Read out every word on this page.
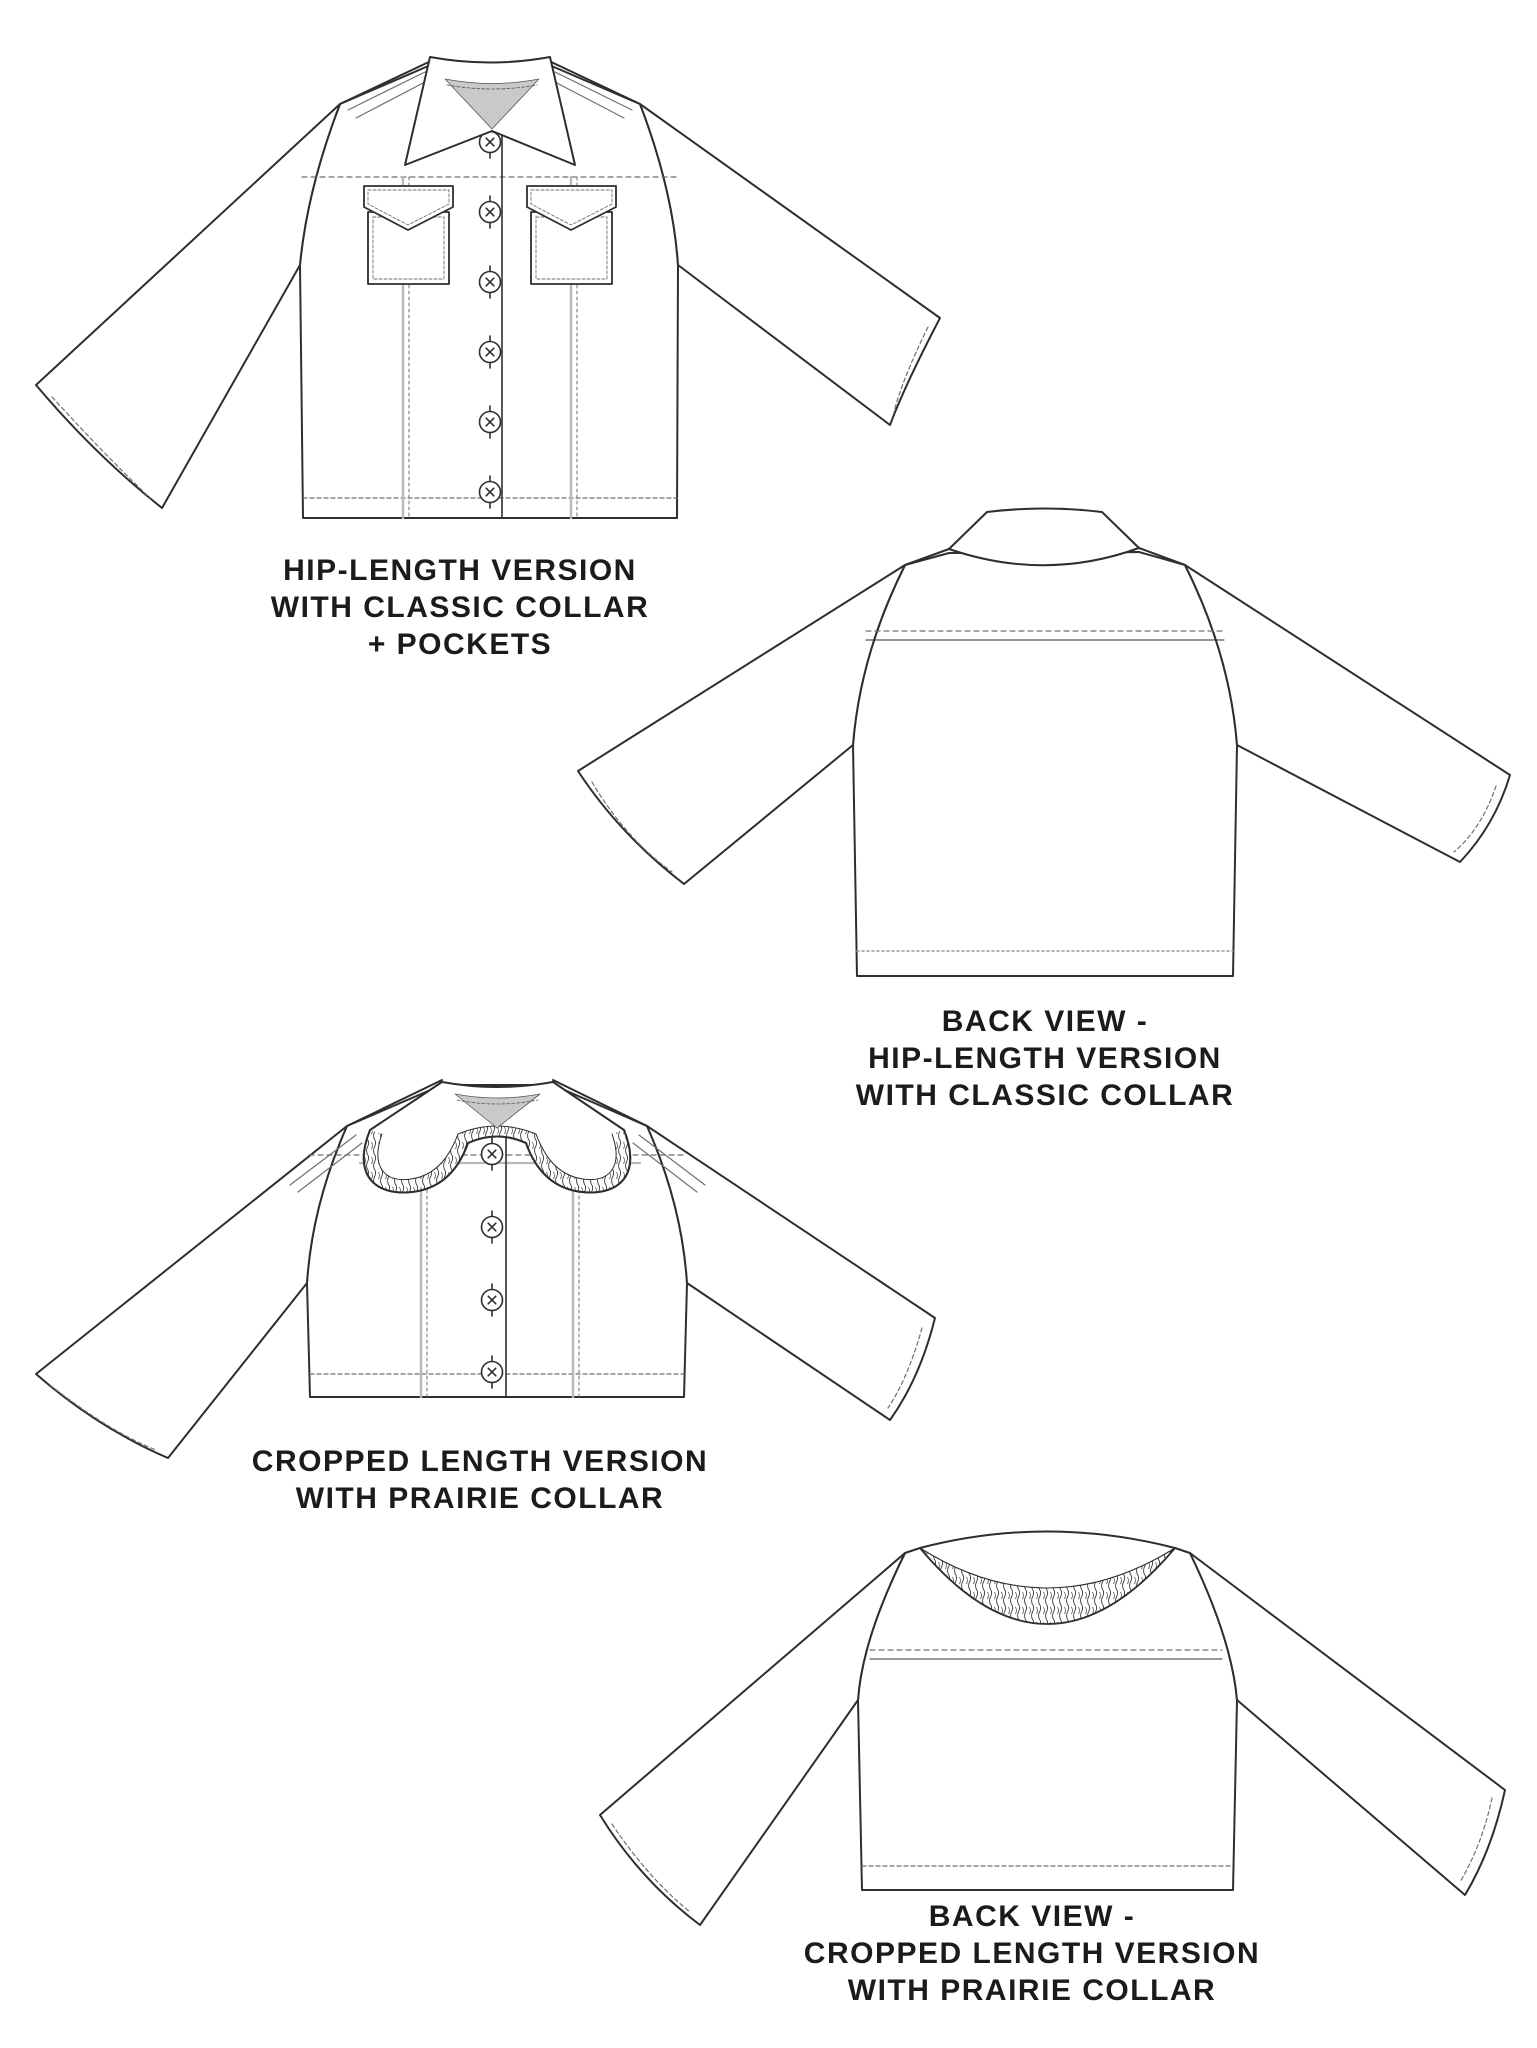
HIP-LENGTH VERSION
WITH CLASSIC COLLAR
+ POCKETS
BACK VIEW -
HIP-LENGTH VERSION
WITH CLASSIC COLLAR
CROPPED LENGTH VERSION
WITH PRAIRIE COLLAR
BACK VIEW -
CROPPED LENGTH VERSION
WITH PRAIRIE COLLAR
